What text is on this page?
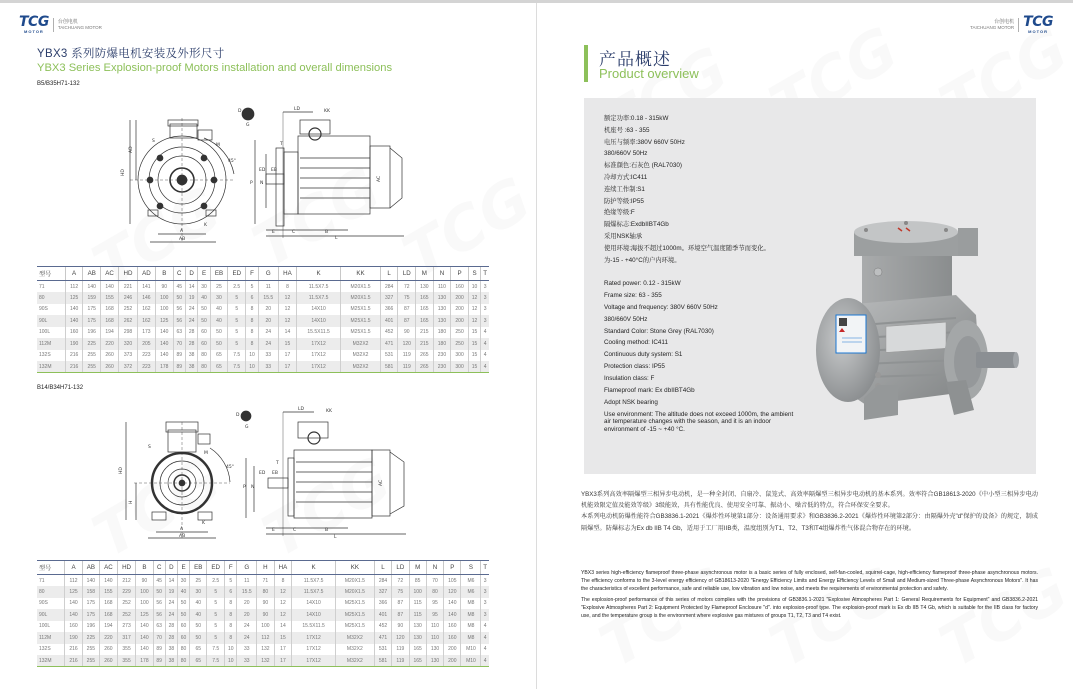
TCG
MOTOR
台创电机
TAICHUANG MOTOR
YBX3 系列防爆电机安装及外形尺寸
YBX3 Series Explosion-proof Motors installation and overall dimensions
B5/B35H71-132
HD
AD
S
M
45°
A
AB
K
D
G
LD	KK
T
ED EB
P N
E	C	B
L
AC
型号	A	AB	AC	HD	AD	B	C	D	E	EB	ED	F	G	HA	K	KK	L	LD	M	N	P	S	T
71	112	140	140	221	141	90	45	14	30	25	2.5	5	11	8	11.5X7.5	M20X1.5	284	72	130	110	160	10	3
80	125	159	155	246	146	100	50	19	40	30	5	6	15.5	12	11.5X7.5	M20X1.5	327	75	165	130	200	12	3
90S	140	175	168	252	162	100	56	24	50	40	5	8	20	12	14X10	M25X1.5	366	87	165	130	200	12	3
90L	140	175	168	262	162	125	56	24	50	40	5	8	20	12	14X10	M25X1.5	401	87	165	130	200	12	3
100L	160	196	194	298	173	140	63	28	60	50	5	8	24	14	15.5X11.5	M25X1.5	452	90	215	180	250	15	4
112M	190	225	220	320	205	140	70	28	60	50	5	8	24	15	17X12	M32X2	471	120	215	180	250	15	4
132S	216	255	260	373	223	140	89	38	80	65	7.5	10	33	17	17X12	M32X2	531	119	265	230	300	15	4
132M	216	255	260	372	223	178	89	38	80	65	7.5	10	33	17	17X12	M32X2	581	119	265	230	300	15	4
B14/B34H71-132
HD
H
S
M
45°
A
AB
K
D
G
LD	KK
T
ED EB
P N
E	C	B
L
AC
型号	A	AB	AC	HD	B	C	D	E	EB	ED	F	G	H	HA	K	KK	L	LD	M	N	P	S	T
71	112	140	140	212	90	45	14	30	25	2.5	5	11	71	8	11.5X7.5	M20X1.5	284	72	85	70	105	M6	3
80	125	158	155	229	100	50	19	40	30	5	6	15.5	80	12	11.5X7.5	M20X1.5	327	75	100	80	120	M6	3
90S	140	175	168	252	100	56	24	50	40	5	8	20	90	12	14X10	M25X1.5	366	87	115	95	140	M8	3
90L	140	175	168	252	125	56	24	50	40	5	8	20	90	12	14X10	M25X1.5	401	87	115	95	140	M8	3
100L	160	196	194	273	140	63	28	60	50	5	8	24	100	14	15.5X11.5	M25X1.5	452	90	130	110	160	M8	4
112M	190	225	220	317	140	70	28	60	50	5	8	24	112	15	17X12	M32X2	471	120	130	110	160	M8	4
132S	216	255	260	355	140	89	38	80	65	7.5	10	33	132	17	17X12	M32X2	531	119	165	130	200	M10	4
132M	216	255	260	355	178	89	38	80	65	7.5	10	33	132	17	17X12	M32X2	581	119	165	130	200	M10	4
台创电机
TAICHUANG MOTOR TCG
MOTOR
产品概述
Product overview
额定功率:0.18 - 315kW
机座号 :63 - 355
电压与频率:380V 660V 50Hz
380/660V 50Hz
标准颜色:石灰色 (RAL7030)
冷却方式:IC411
连续工作制:S1
防护等级:IP55
绝缘等级:F
隔爆标志:ExdbIIBT4Gb
采用NSK轴承
使用环境:海拔不超过1000m。环境空气温度随季节而变化。
为-15 - +40°C的户内环境。
Rated power: 0.12 - 315kW
Frame size: 63 - 355
Voltage and frequency: 380V 660V 50Hz
380/660V 50Hz
Standard Color: Stone Grey (RAL7030)
Cooling method: IC411
Continuous duty system: S1
Protection class: IP55
Insulation class: F
Flameproof mark: Ex dbIIBT4Gb
Adopt NSK bearing
Use environment: The altitude does not exceed 1000m, the ambient air temperature changes with the season, and it is an indoor environment of -15 ~ +40 °C.
YBX3系列高效率隔爆型三相异步电动机，是一种全封闭、自扇冷、鼠笼式、高效率隔爆型三相异步电动机的基本系列。效率符合GB18613-2020《中小型三相异步电动机能效限定值及能效等级》3级能效，具有性能优良、使用安全可靠、振动小、噪音低的特点，符合环保安全要求。
本系列电动机防爆性能符合GB3836.1-2021《爆炸性环境第1部分：设备通用要求》和GB3836.2-2021《爆炸性环境第2部分：由隔爆外壳"d"保护的设备》的规定，制成隔爆型。防爆标志为Ex db IIB T4 Gb，适用于工厂用IIB类，温度组别为T1、T2、T3和T4组爆炸性气体混合物存在的环境。
YBX3 series high-efficiency flameproof three-phase asynchronous motor is a basic series of fully enclosed, self-fan-cooled, squirrel-cage, high-efficiency flameproof three-phase asynchronous motors. The efficiency conforms to the 3-level energy efficiency of GB18613-2020 "Energy Efficiency Limits and Energy Efficiency Levels of Small and Medium-sized Three-phase Asynchronous Motors". It has the characteristics of excellent performance, safe and reliable use, low vibration and low noise, and meets the requirements of environmental protection and safety.
The explosion-proof performance of this series of motors complies with the provisions of GB3836.1-2021 "Explosive Atmospheres Part 1: General Requirements for Equipment" and GB3836.2-2021 "Explosive Atmospheres Part 2: Equipment Protected by Flameproof Enclosure "d". into explosion-proof type. The explosion-proof mark is Ex db IIB T4 Gb, which is suitable for the IIB class for factory use, and the temperature group is the environment where explosive gas mixtures of groups T1, T2, T3 and T4 exist.
